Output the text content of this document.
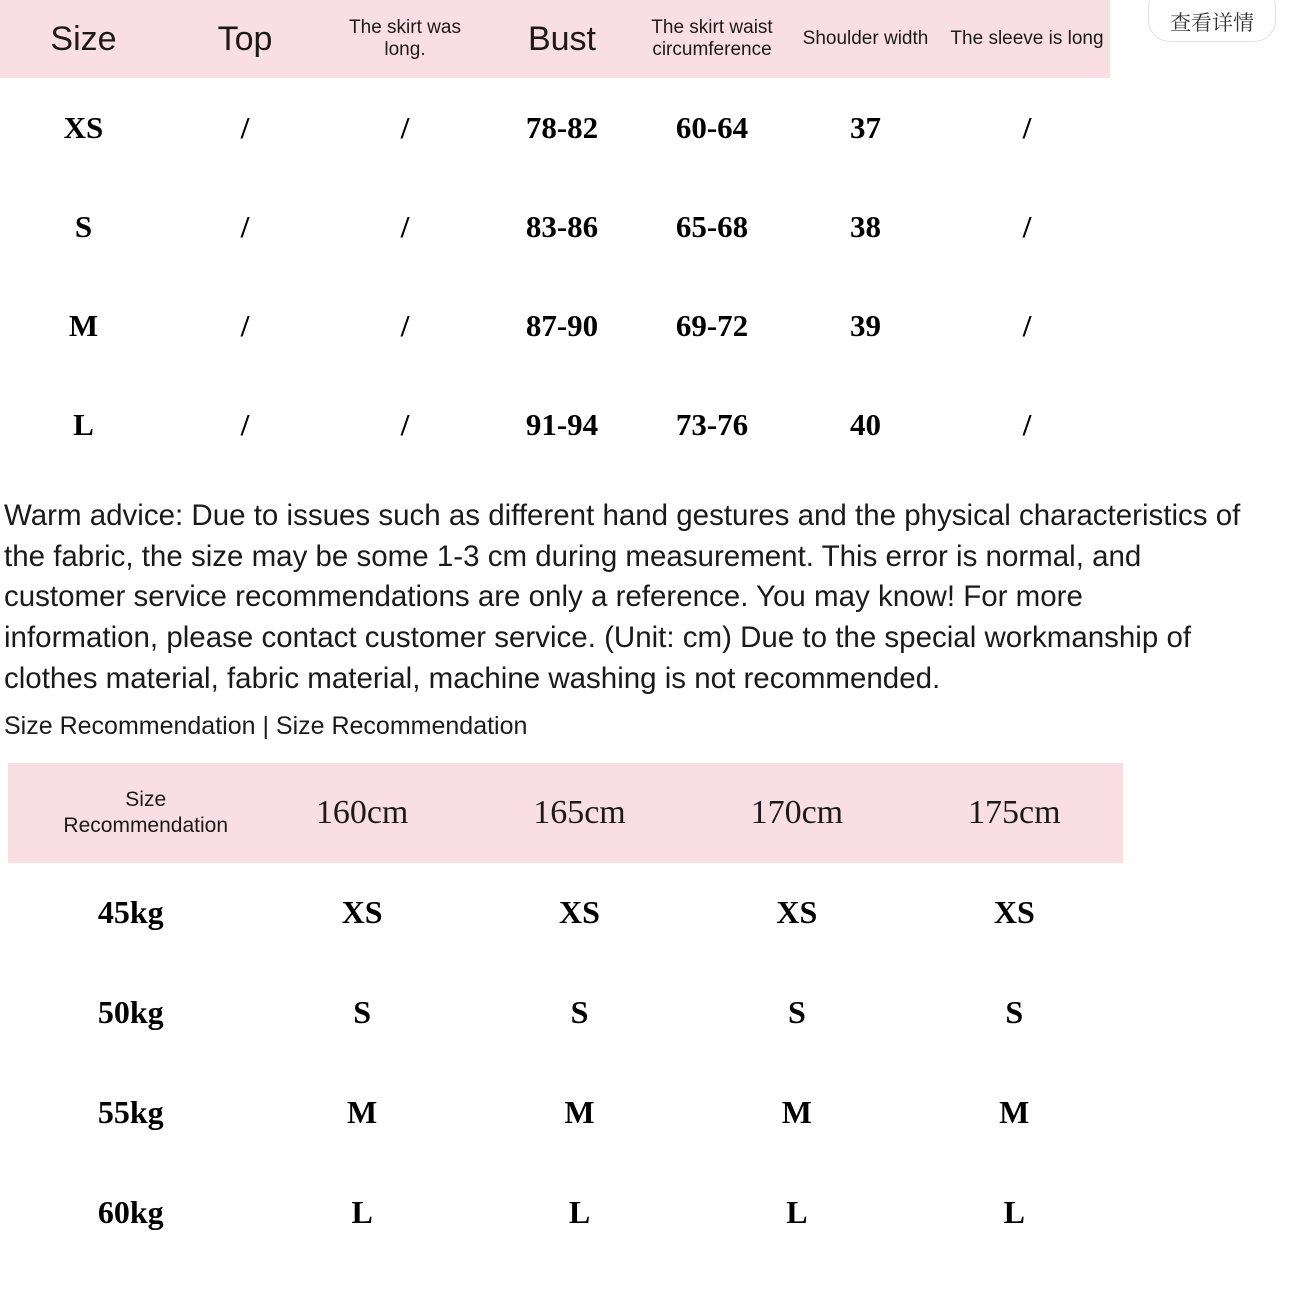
查看详情
Size	Top	The skirt was long.	Bust	The skirt waist circumference	Shoulder width	The sleeve is long
XS	/	/	78-82	60-64	37	/
S	/	/	83-86	65-68	38	/
M	/	/	87-90	69-72	39	/
L	/	/	91-94	73-76	40	/

Warm advice: Due to issues such as different hand gestures and the physical characteristics of the fabric, the size may be some 1-3 cm during measurement. This error is normal, and customer service recommendations are only a reference. You may know! For more information, please contact customer service. (Unit: cm) Due to the special workmanship of clothes material, fabric material, machine washing is not recommended.

Size Recommendation | Size Recommendation
Size Recommendation	160cm	165cm	170cm	175cm
45kg	XS	XS	XS	XS
50kg	S	S	S	S
55kg	M	M	M	M
60kg	L	L	L	L
